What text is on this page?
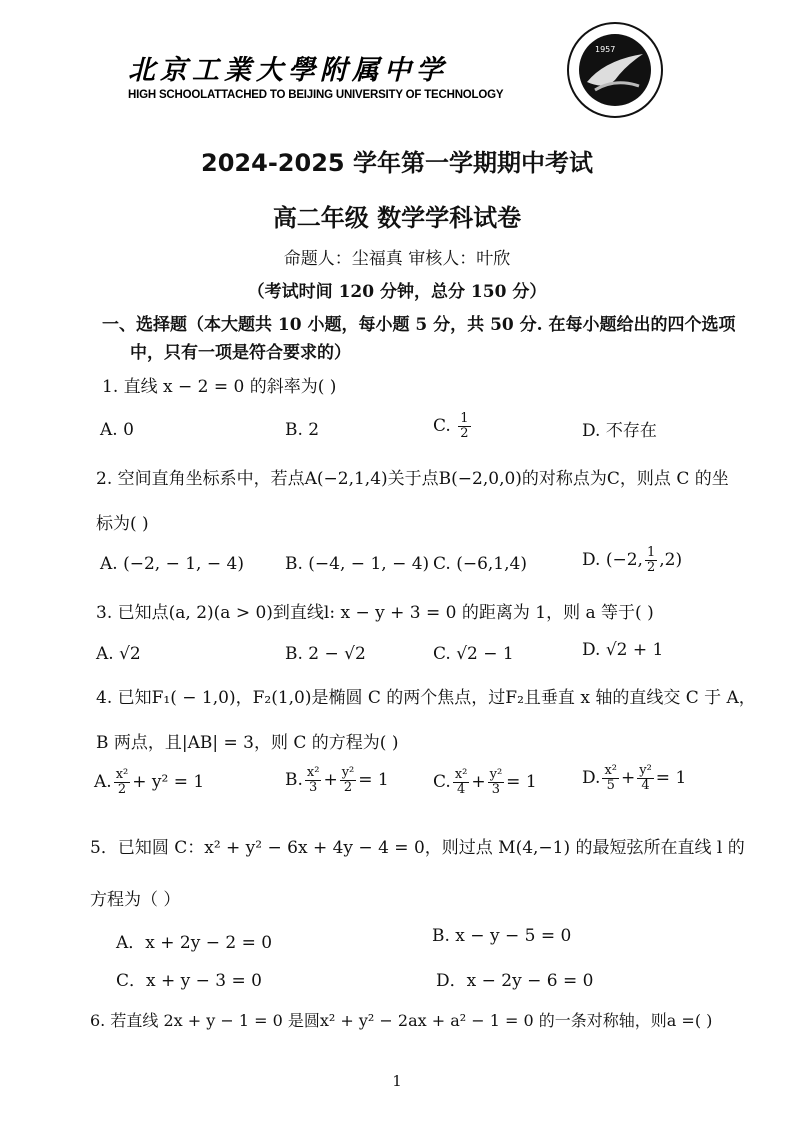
北京工業大學附属中学
HIGH SCHOOLATTACHED TO BEIJING UNIVERSITY OF TECHNOLOGY
1957
2024-2025 学年第一学期期中考试
高二年级 数学学科试卷
命题人：尘福真 审核人：叶欣
（考试时间 120 分钟，总分 150 分）
一、选择题（本大题共 10 小题，每小题 5 分，共 50 分. 在每小题给出的四个选项
中，只有一项是符合要求的）
1. 直线 x − 2 = 0 的斜率为( )
A. 0	B. 2	C. $\frac{1}{2}$	D. 不存在
2. 空间直角坐标系中，若点A(−2,1,4)关于点B(−2,0,0)的对称点为C，则点 C 的坐
标为( )
A. (−2, − 1, − 4) B. (−4, − 1, − 4) C. (−6,1,4)	D. (−2, $\frac{1}{2} ,2$)
3. 已知点(a, 2)(a > 0)到直线l: x − y + 3 = 0 的距离为 1，则 a 等于( )
A. √2	B. 2 − √2	C. √2 − 1	D. √2 + 1
4. 已知F₁( − 1,0)，F₂(1,0)是椭圆 C 的两个焦点，过F₂且垂直 x 轴的直线交 C 于 A，
B 两点，且|AB| = 3，则 C 的方程为( )
A. $\frac{\text{x²}}{2} + y^2 = 1$	B. $\frac{\text{x²}}{3} + \frac{\text{y²}}{2} = 1$	C. $\frac{\text{x²}}{4} + \frac{\text{y²}}{3} = 1$	D. $\frac{\text{x²}}{5} + \frac{\text{y²}}{4} = 1$
5．已知圆 C：x² + y² − 6x + 4y − 4 = 0，则过点 M(4,−1) 的最短弦所在直线 l 的
方程为（ ）
A．x + 2y − 2 = 0	B. x − y − 5 = 0
C．x + y − 3 = 0	D．x − 2y − 6 = 0
6. 若直线 2x + y − 1 = 0 是圆x² + y² − 2ax + a² − 1 = 0 的一条对称轴，则a =( )
1
